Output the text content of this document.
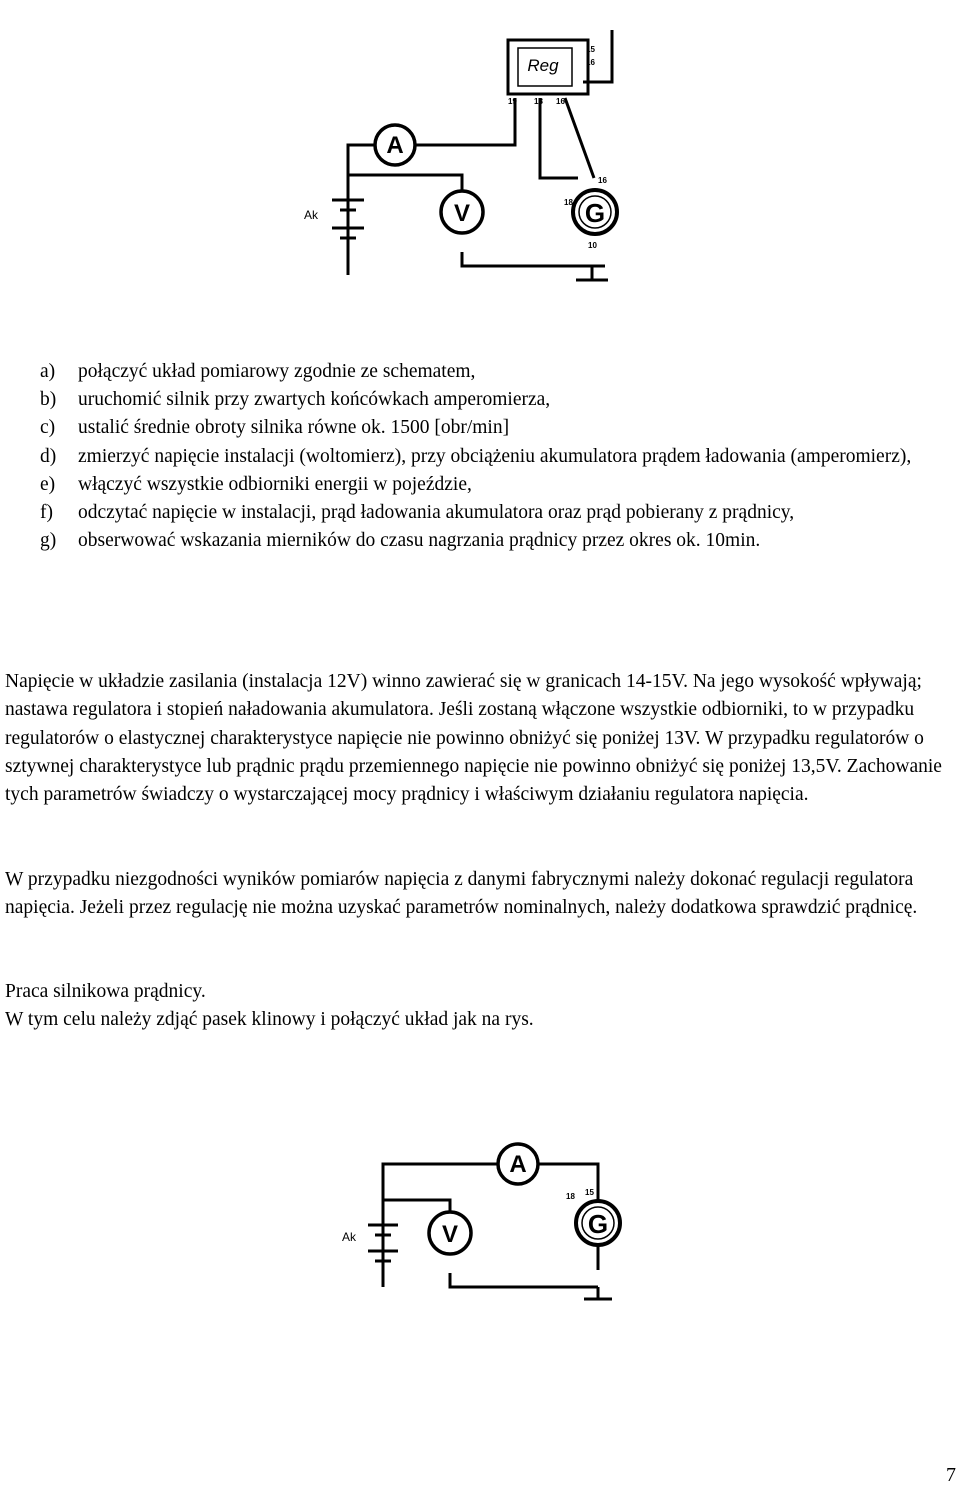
Reg
A
V	G
Ak
15
16
19 18 16
18
16
10
a) połączyć układ pomiarowy zgodnie ze schematem,
b) uruchomić silnik przy zwartych końcówkach amperomierza,
c) ustalić średnie obroty silnika równe ok. 1500 [obr/min]
d) zmierzyć napięcie instalacji (woltomierz), przy obciążeniu akumulatora prądem ładowania (amperomierz),
e) włączyć wszystkie odbiorniki energii w pojeździe,
f) odczytać napięcie w instalacji, prąd ładowania akumulatora oraz prąd pobierany z prądnicy,
g) obserwować wskazania mierników do czasu nagrzania prądnicy przez okres ok. 10min.

Napięcie w układzie zasilania (instalacja 12V) winno zawierać się w granicach 14-15V. Na jego wysokość wpływają; nastawa regulatora i stopień naładowania akumulatora. Jeśli zostaną włączone wszystkie odbiorniki, to w przypadku regulatorów o elastycznej charakterystyce napięcie nie powinno obniżyć się poniżej 13V. W przypadku regulatorów o sztywnej charakterystyce lub prądnic prądu przemiennego napięcie nie powinno obniżyć się poniżej 13,5V. Zachowanie tych parametrów świadczy o wystarczającej mocy prądnicy i właściwym działaniu regulatora napięcia.

W przypadku niezgodności wyników pomiarów napięcia z danymi fabrycznymi należy dokonać regulacji regulatora napięcia. Jeżeli przez regulację nie można uzyskać parametrów nominalnych, należy dodatkowa sprawdzić prądnicę.

Praca silnikowa prądnicy.

W tym celu należy zdjąć pasek klinowy i połączyć układ jak na rys.

A
V	G
Ak
18 15
7
